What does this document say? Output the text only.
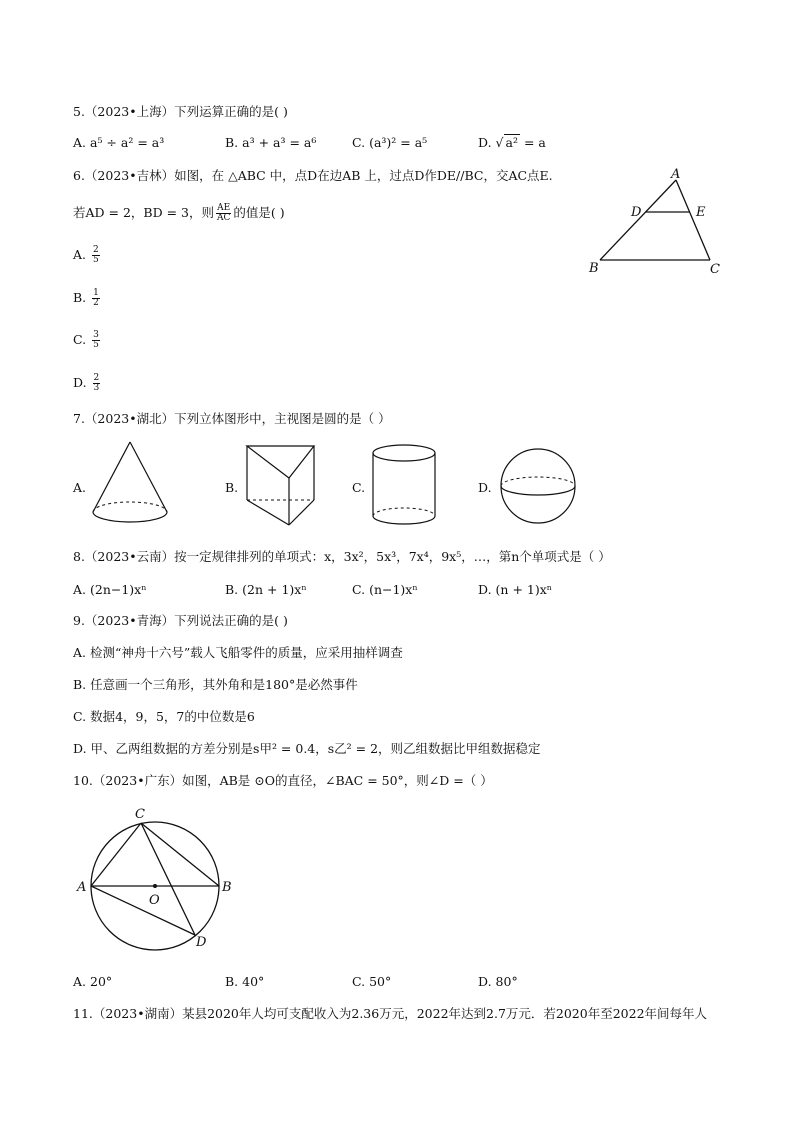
5.（2023•上海）下列运算正确的是( )
A. a⁵ ÷ a² = a³	B. a³ + a³ = a⁶	C. (a³)² = a⁵	D. √ a² = a
6.（2023•吉林）如图，在 △ABC 中，点D在边AB 上，过点D作DE//BC，交AC点E.
若AD = 2，BD = 3，则 $\frac{AE}{AC}$ 的值是( )
A. $\frac{2}{5}$
B. $\frac{1}{2}$
C. $\frac{3}{5}$
D. $\frac{2}{3}$
A
B	C
D	E
7.（2023•湖北）下列立体图形中，主视图是圆的是（ ）
A.	B.	C.	D.
8.（2023•云南）按一定规律排列的单项式：x，3x²，5x³，7x⁴，9x⁵，…，第n个单项式是（ ）
A. (2n−1)xⁿ	B. (2n + 1)xⁿ	C. (n−1)xⁿ	D. (n + 1)xⁿ
9.（2023•青海）下列说法正确的是( )
A. 检测“神舟十六号”载人飞船零件的质量，应采用抽样调查
B. 任意画一个三角形，其外角和是180°是必然事件
C. 数据4，9，5，7的中位数是6
D. 甲、乙两组数据的方差分别是s甲² = 0.4，s乙² = 2，则乙组数据比甲组数据稳定
10.（2023•广东）如图，AB是 ⊙O的直径，∠BAC = 50°，则∠D =（ ）
C
A	B
O
D
A. 20°	B. 40°	C. 50°	D. 80°
11.（2023•湖南）某县2020年人均可支配收入为2.36万元，2022年达到2.7万元．若2020年至2022年间每年人
